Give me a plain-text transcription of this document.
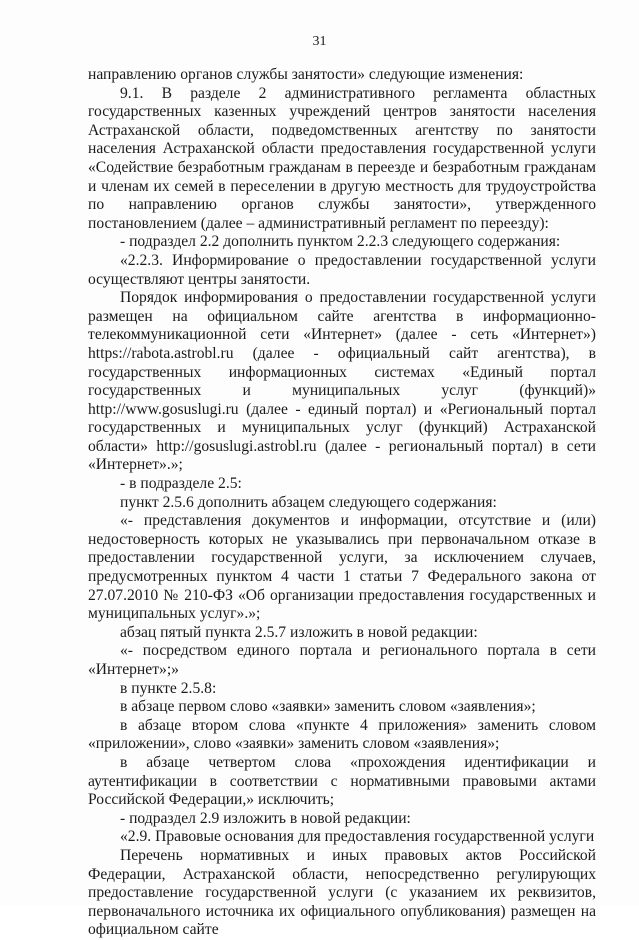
31

направлению органов службы занятости» следующие изменения:

9.1. В разделе 2 административного регламента областных государственных казенных учреждений центров занятости населения Астраханской области, подведомственных агентству по занятости населения Астраханской области предоставления государственной услуги «Содействие безработным гражданам в переезде и безработным гражданам и членам их семей в переселении в другую местность для трудоустройства по направлению органов службы занятости», утвержденного постановлением (далее – административный регламент по переезду):

- подраздел 2.2 дополнить пунктом 2.2.3 следующего содержания:

«2.2.3. Информирование о предоставлении государственной услуги осуществляют центры занятости.

Порядок информирования о предоставлении государственной услуги размещен на официальном сайте агентства в информационно-телекоммуникационной сети «Интернет» (далее - сеть «Интернет») https://rabota.astrobl.ru (далее - официальный сайт агентства), в государственных информационных системах «Единый портал государственных и муниципальных услуг (функций)» http://www.gosuslugi.ru (далее - единый портал) и «Региональный портал государственных и муниципальных услуг (функций) Астраханской области» http://gosuslugi.astrobl.ru (далее - региональный портал) в сети «Интернет».»;

- в подразделе 2.5:

пункт 2.5.6 дополнить абзацем следующего содержания:

«- представления документов и информации, отсутствие и (или) недостоверность которых не указывались при первоначальном отказе в предоставлении государственной услуги, за исключением случаев, предусмотренных пунктом 4 части 1 статьи 7 Федерального закона от 27.07.2010 № 210-ФЗ «Об организации предоставления государственных и муниципальных услуг».»;

абзац пятый пункта 2.5.7 изложить в новой редакции:

«- посредством единого портала и регионального портала в сети «Интернет»;»

в пункте 2.5.8:

в абзаце первом слово «заявки» заменить словом «заявления»;

в абзаце втором слова «пункте 4 приложения» заменить словом «приложении», слово «заявки» заменить словом «заявления»;

в абзаце четвертом слова «прохождения идентификации и аутентификации в соответствии с нормативными правовыми актами Российской Федерации,» исключить;

- подраздел 2.9 изложить в новой редакции:

«2.9. Правовые основания для предоставления государственной услуги

Перечень нормативных и иных правовых актов Российской Федерации, Астраханской области, непосредственно регулирующих предоставление государственной услуги (с указанием их реквизитов, первоначального источника их официального опубликования) размещен на официальном сайте
